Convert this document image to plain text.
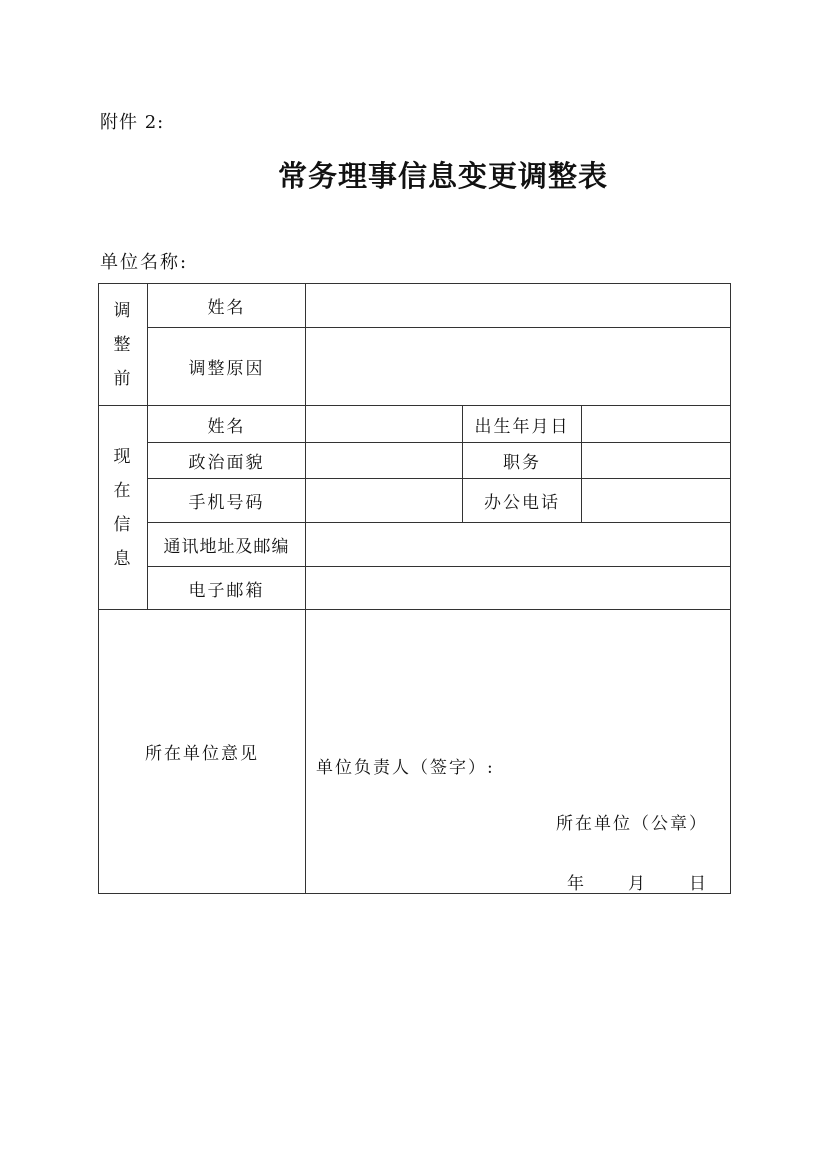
附件 2:
常务理事信息变更调整表
单位名称:
调
整
前	姓名			
	调整原因			

现
在
信
息	姓名		出生年月日	
	政治面貌		职务	
	手机号码		办公电话	
	通讯地址及邮编			
	电子邮箱			
所在单位意见		单位负责人（签字）:
所在单位（公章）
年 月 日		
